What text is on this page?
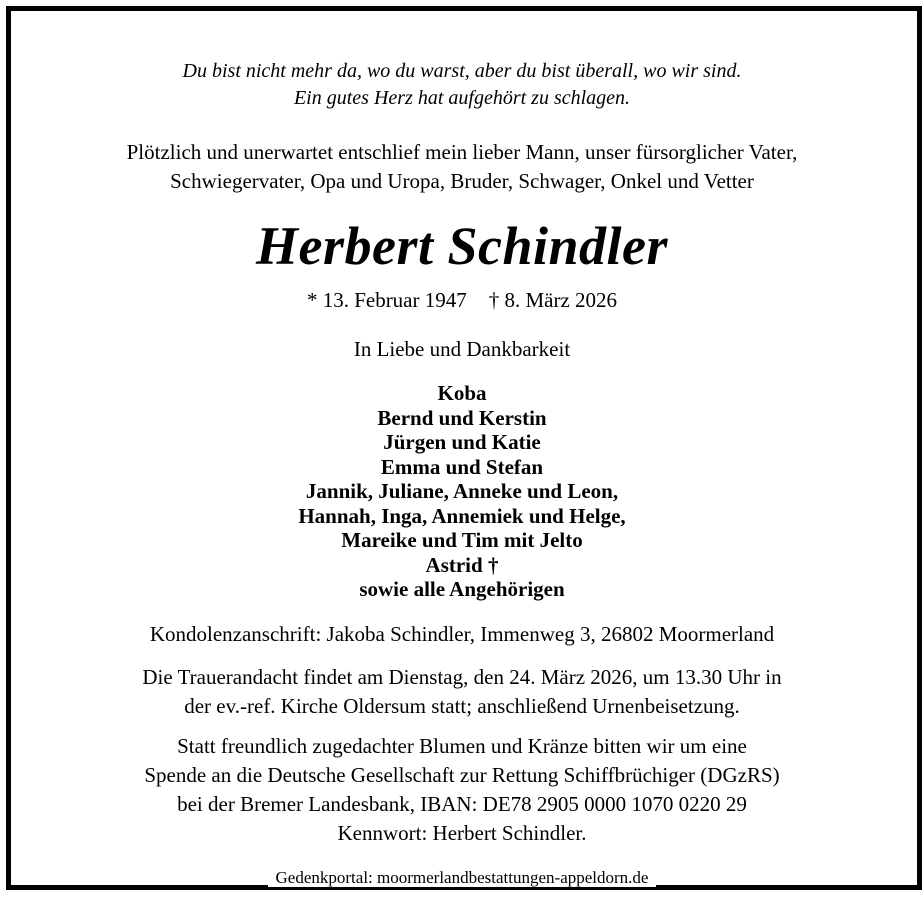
Du bist nicht mehr da, wo du warst, aber du bist überall, wo wir sind.
Ein gutes Herz hat aufgehört zu schlagen.
Plötzlich und unerwartet entschlief mein lieber Mann, unser fürsorglicher Vater,
Schwiegervater, Opa und Uropa, Bruder, Schwager, Onkel und Vetter
Herbert Schindler
* 13. Februar 1947 † 8. März 2026
In Liebe und Dankbarkeit
Koba
Bernd und Kerstin
Jürgen und Katie
Emma und Stefan
Jannik, Juliane, Anneke und Leon,
Hannah, Inga, Annemiek und Helge,
Mareike und Tim mit Jelto
Astrid †
sowie alle Angehörigen
Kondolenzanschrift: Jakoba Schindler, Immenweg 3, 26802 Moormerland
Die Trauerandacht findet am Dienstag, den 24. März 2026, um 13.30 Uhr in
der ev.-ref. Kirche Oldersum statt; anschließend Urnenbeisetzung.
Statt freundlich zugedachter Blumen und Kränze bitten wir um eine
Spende an die Deutsche Gesellschaft zur Rettung Schiffbrüchiger (DGzRS)
bei der Bremer Landesbank, IBAN: DE78 2905 0000 1070 0220 29
Kennwort: Herbert Schindler.
Gedenkportal: moormerlandbestattungen-appeldorn.de
